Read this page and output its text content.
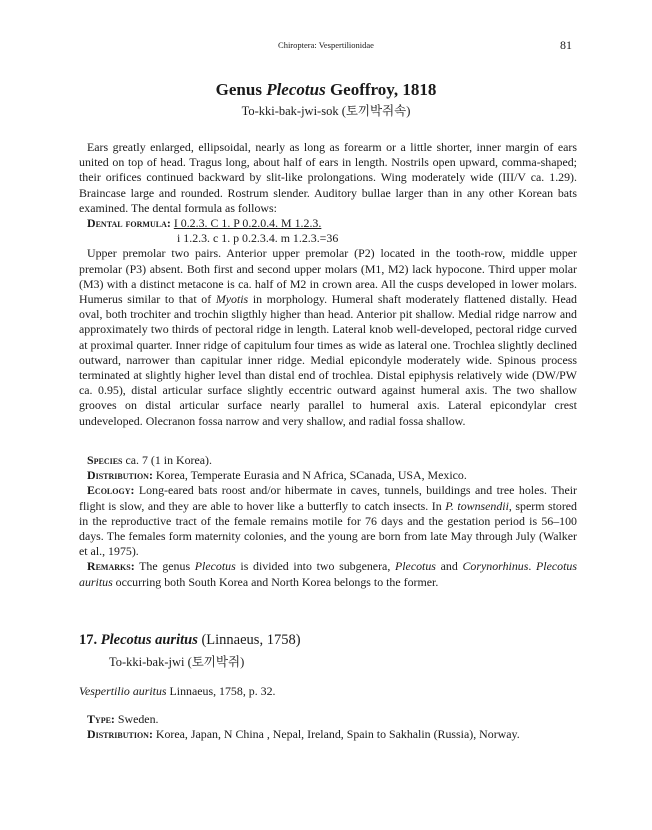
Chiroptera: Vespertilionidae	81
Genus Plecotus Geoffroy, 1818
To-kki-bak-jwi-sok (토끼박쥐속)

Ears greatly enlarged, ellipsoidal, nearly as long as forearm or a little shorter, inner margin of ears united on top of head. Tragus long, about half of ears in length. Nostrils open upward, comma-shaped; their orifices continued backward by slit-like prolongations. Wing moderately wide (III/V ca. 1.29). Braincase large and rounded. Rostrum slender. Auditory bullae larger than in any other Korean bats examined. The dental formula as follows:

Dental formula: I 0.2.3. C 1. P 0.2.0.4. M 1.2.3.

i 1.2.3. c 1. p 0.2.3.4. m 1.2.3.=36

Upper premolar two pairs. Anterior upper premolar (P2) located in the tooth-row, middle upper premolar (P3) absent. Both first and second upper molars (M1, M2) lack hypocone. Third upper molar (M3) with a distinct metacone is ca. half of M2 in crown area. All the cusps developed in lower molars. Humerus similar to that of Myotis in morphology. Humeral shaft moderately flattened distally. Head oval, both trochiter and trochin sligthly higher than head. Anterior pit shallow. Medial ridge narrow and approximately two thirds of pectoral ridge in length. Lateral knob well-developed, pectoral ridge curved at proximal quarter. Inner ridge of capitulum four times as wide as lateral one. Trochlea slightly declined outward, narrower than capitular inner ridge. Medial epicondyle moderately wide. Spinous process terminated at slightly higher level than distal end of trochlea. Distal epiphysis relatively wide (DW/PW ca. 0.95), distal articular surface slightly eccentric outward against humeral axis. The two shallow grooves on distal articular surface nearly parallel to humeral axis. Lateral epicondylar crest undeveloped. Olecranon fossa narrow and very shallow, and radial fossa shallow.

Species ca. 7 (1 in Korea).

Distribution: Korea, Temperate Eurasia and N Africa, SCanada, USA, Mexico.

Ecology: Long-eared bats roost and/or hibermate in caves, tunnels, buildings and tree holes. Their flight is slow, and they are able to hover like a butterfly to catch insects. In P. townsendii, sperm stored in the reproductive tract of the female remains motile for 76 days and the gestation period is 56–100 days. The females form maternity colonies, and the young are born from late May through July (Walker et al., 1975).

Remarks: The genus Plecotus is divided into two subgenera, Plecotus and Corynorhinus. Plecotus auritus occurring both South Korea and North Korea belongs to the former.

17. Plecotus auritus (Linnaeus, 1758)
To-kki-bak-jwi (토끼박쥐)
Vespertilio auritus Linnaeus, 1758, p. 32.

Type: Sweden.

Distribution: Korea, Japan, N China , Nepal, Ireland, Spain to Sakhalin (Russia), Norway.
